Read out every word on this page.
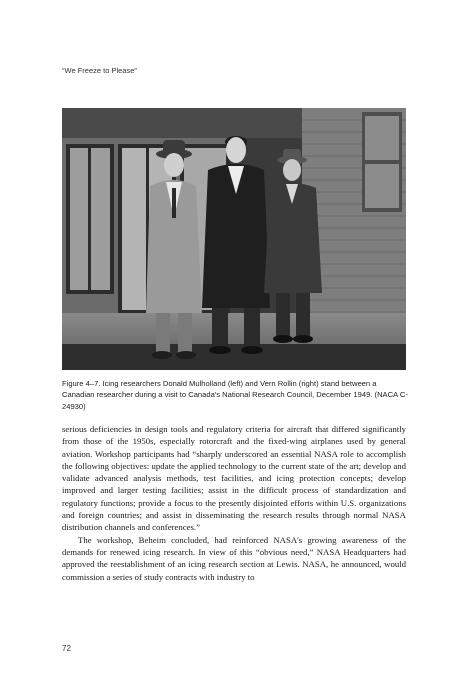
“We Freeze to Please”
Figure 4–7. Icing researchers Donald Mulholland (left) and Vern Rollin (right) stand between a Canadian researcher during a visit to Canada's National Research Council, December 1949. (NACA C-24930)

serious deficiencies in design tools and regulatory criteria for aircraft that differed significantly from those of the 1950s, especially rotorcraft and the fixed-wing airplanes used by general aviation. Workshop participants had “sharply underscored an essential NASA role to accomplish the following objectives: update the applied technology to the current state of the art; develop and validate advanced analysis methods, test facilities, and icing protection concepts; develop improved and larger testing facilities; assist in the difficult process of standardization and regulatory functions; provide a focus to the presently disjointed efforts within U.S. organizations and foreign countries; and assist in disseminating the research results through normal NASA distribution channels and conferences.”

The workshop, Beheim concluded, had reinforced NASA's growing awareness of the demands for renewed icing research. In view of this “obvious need,” NASA Headquarters had approved the reestablishment of an icing research section at Lewis. NASA, he announced, would commission a series of study contracts with industry to

72
